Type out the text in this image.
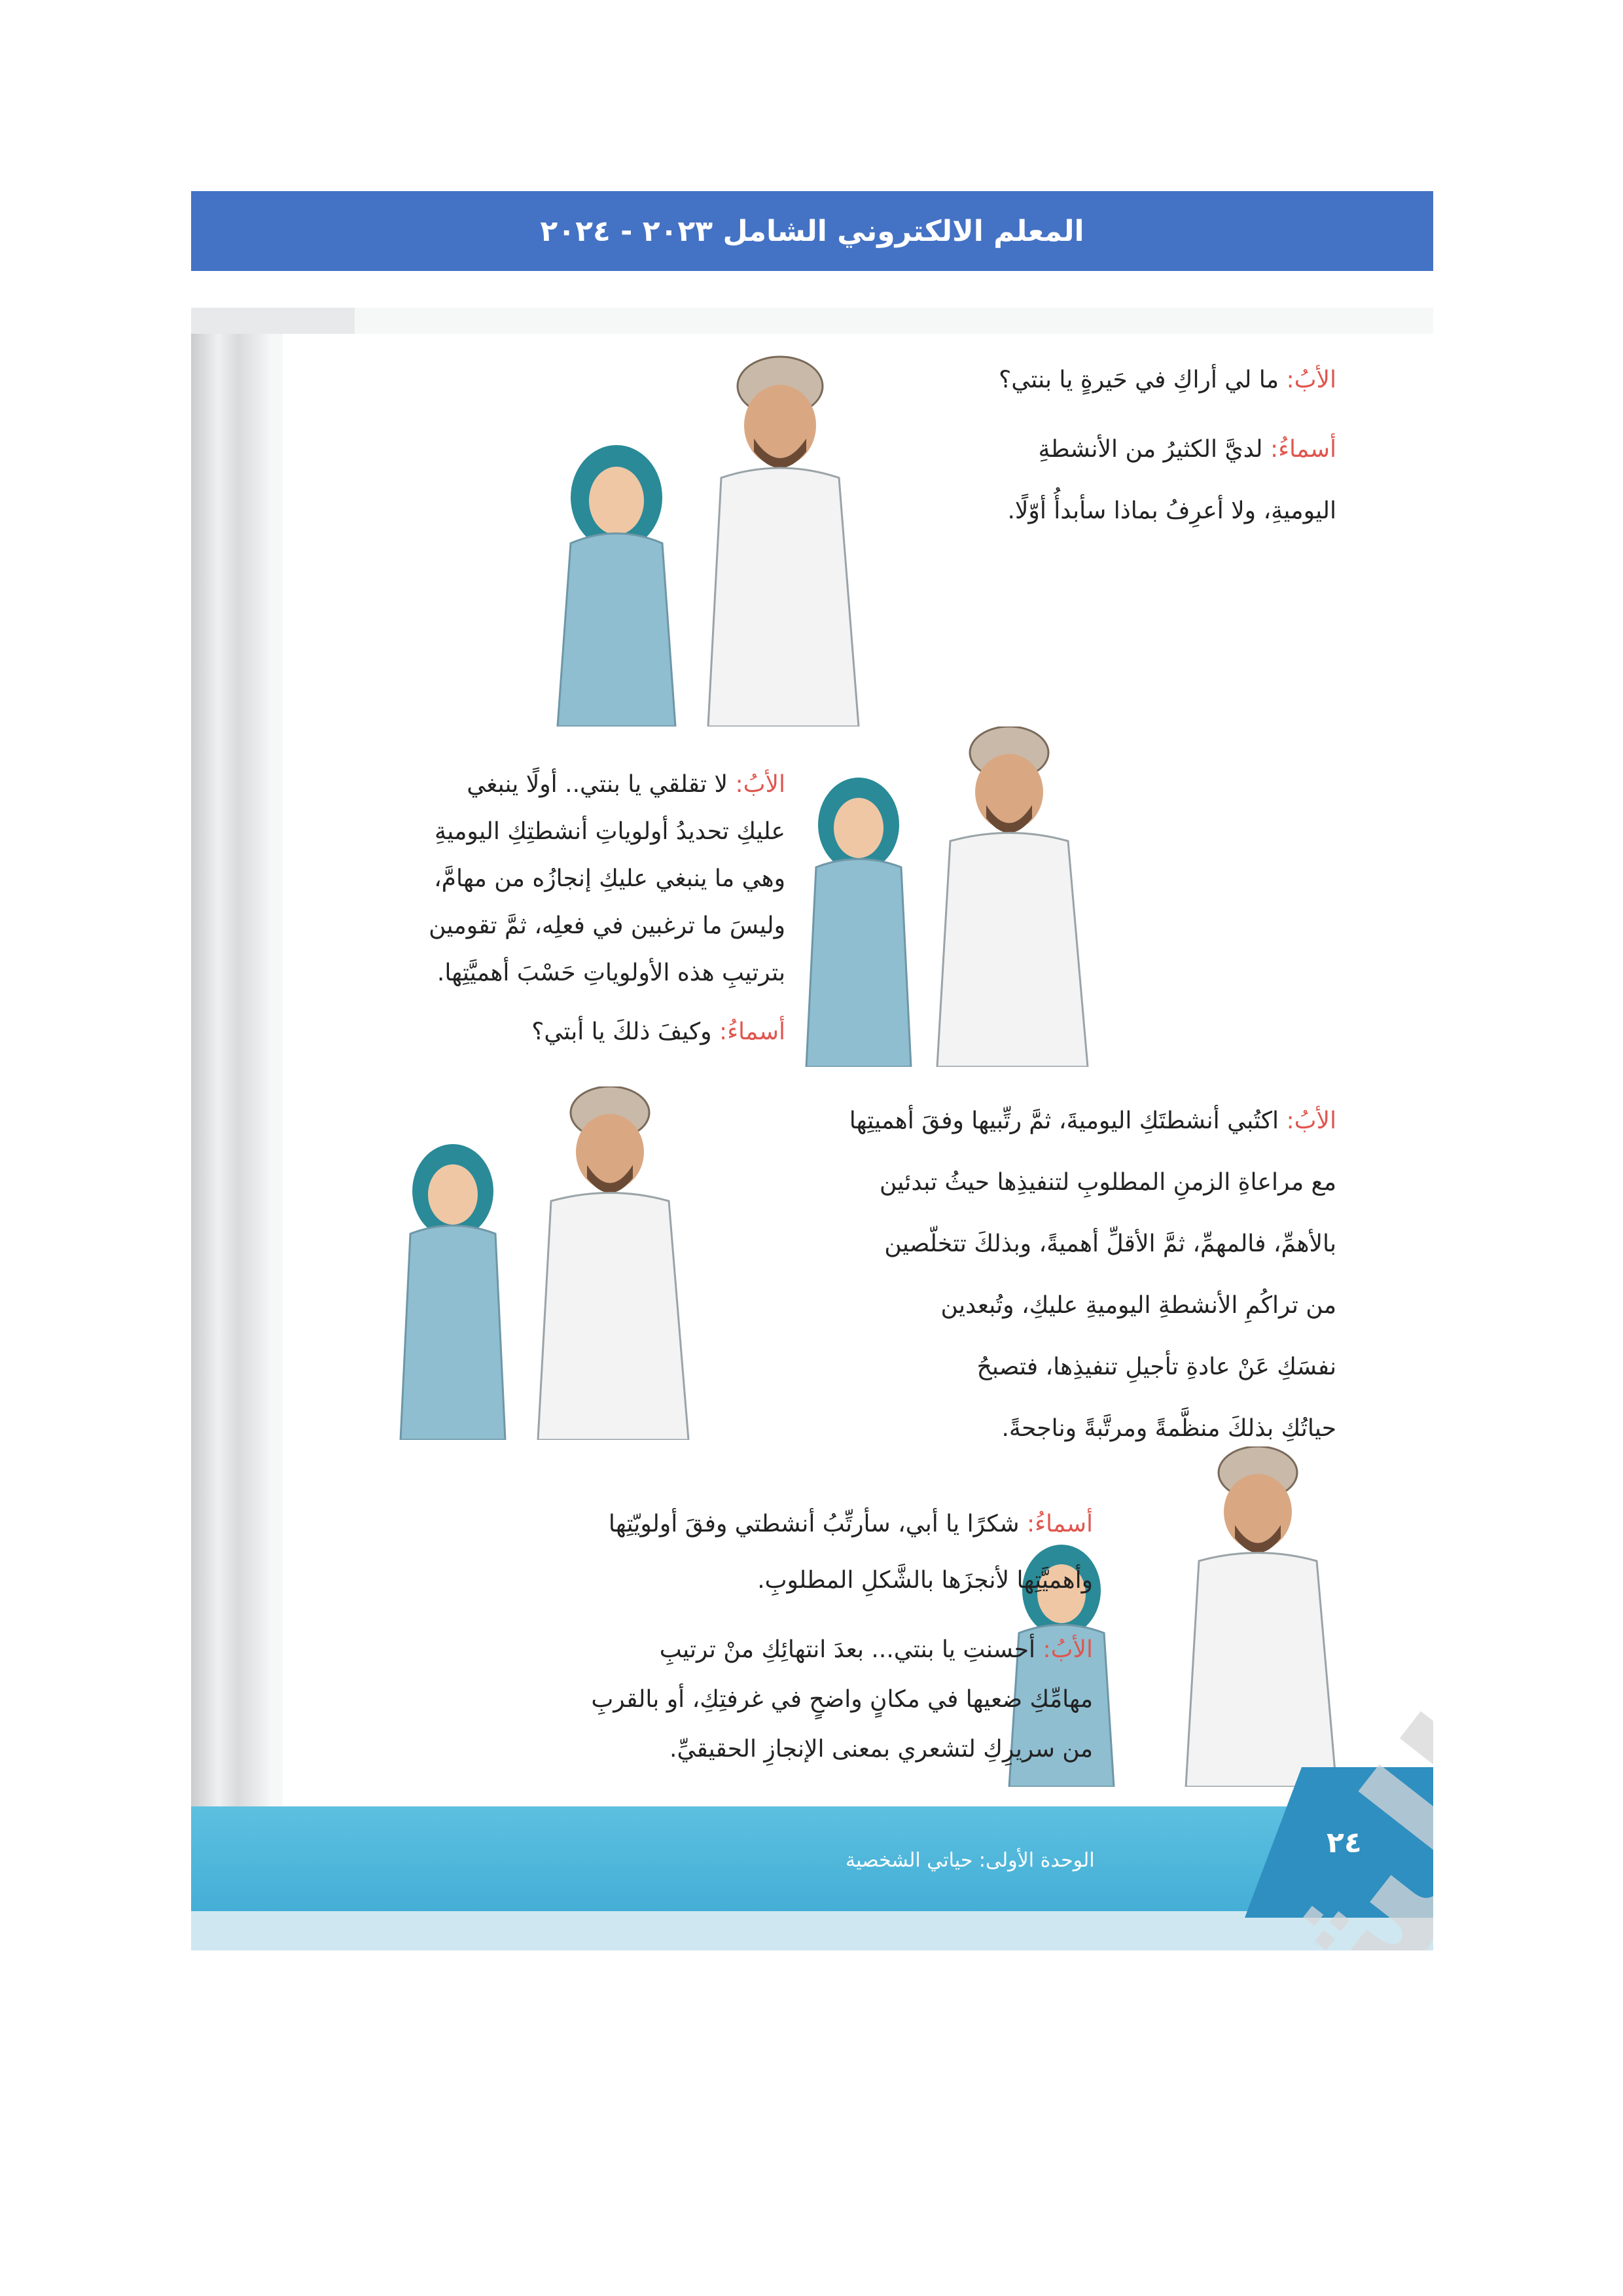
المعلم الالكتروني الشامل ٢٠٢٣ - ٢٠٢٤
الأبُ: ما لي أراكِ في حَيرةٍ يا بنتي؟
أسماءُ: لديَّ الكثيرُ من الأنشطةِ
اليوميةِ، ولا أعرِفُ بماذا سأبدأُ أوّلًا.
الأبُ: لا تقلقي يا بنتي.. أولًا ينبغي
عليكِ تحديدُ أولوياتِ أنشطتِكِ اليوميةِ
وهي ما ينبغي عليكِ إنجازُه من مهامَّ،
وليسَ ما ترغبين في فعلِه، ثمَّ تقومين
بترتيبِ هذه الأولوياتِ حَسْبَ أهميَّتِها.
أسماءُ: وكيفَ ذلكَ يا أبتي؟
الأبُ: اكتُبي أنشطتَكِ اليوميةَ، ثمَّ رتِّبيها وفقَ أهميتِها
مع مراعاةِ الزمنِ المطلوبِ لتنفيذِها حيثُ تبدئين
بالأهمِّ، فالمهمِّ، ثمَّ الأقلِّ أهميةً، وبذلكَ تتخلّصين
من تراكُمِ الأنشطةِ اليوميةِ عليكِ، وتُبعدين
نفسَكِ عَنْ عادةِ تأجيلِ تنفيذِها، فتصبحُ
حياتُكِ بذلكَ منظَّمةً ومرتَّبةً وناجحةً.
أسماءُ: شكرًا يا أبي، سأرتِّبُ أنشطتي وفقَ أولويّتِها
وأهميَّتِها لأنجزَها بالشَّكلِ المطلوبِ.
الأبُ: أحسنتِ يا بنتي... بعدَ انتهائِكِ منْ ترتيبِ
مهامِّكِ ضعيها في مكانٍ واضحٍ في غرفتِكِ، أو بالقربِ
من سريرِكِ لتشعري بمعنى الإنجازِ الحقيقيِّ.
الوحدة الأولى: حياتي الشخصية
٢٤
